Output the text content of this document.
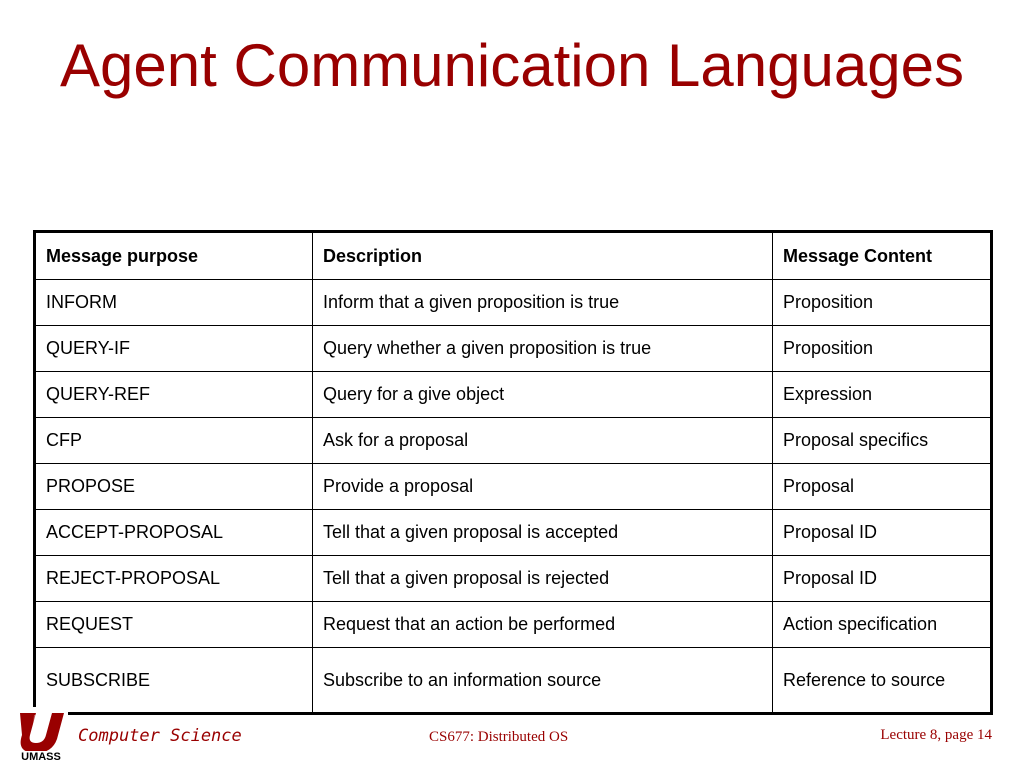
Agent Communication Languages
Message purpose	Description	Message Content
INFORM	Inform that a given proposition is true	Proposition
QUERY-IF	Query whether a given proposition is true	Proposition
QUERY-REF	Query for a give object	Expression
CFP	Ask for a proposal	Proposal specifics
PROPOSE	Provide a proposal	Proposal
ACCEPT-PROPOSAL	Tell that a given proposal is accepted	Proposal ID
REJECT-PROPOSAL	Tell that a given proposal is rejected	Proposal ID
REQUEST	Request that an action be performed	Action specification
SUBSCRIBE	Subscribe to an information source	Reference to source
UMASS
Computer Science	CS677: Distributed OS	Lecture 8, page 14
